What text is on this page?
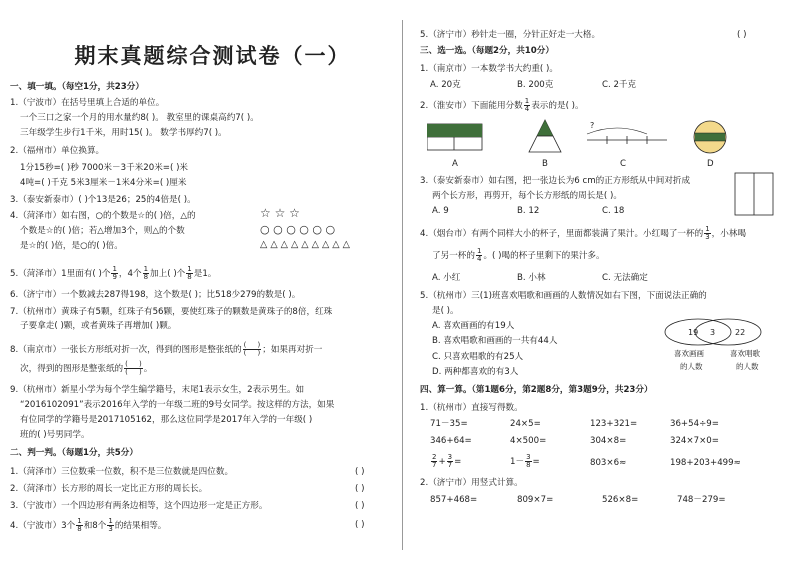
期末真题综合测试卷（一）
一、填一填。（每空1分，共23分）
1.（宁波市）在括号里填上合适的单位。
一个三口之家一个月的用水量约8( )。 教室里的课桌高约7( )。
三年级学生步行1千米，用时15( )。 数学书厚约7( )。
2.（福州市）单位换算。
1分15秒=( )秒 7000米－3千米20米=( )米
4吨=( )千克 5米3厘米－1米4分米=( )厘米
3.（泰安新泰市）( )个13是26；25的4倍是( )。
4.（菏泽市）如右图，○的个数是☆的( )倍，△的
个数是☆的( )倍；若△增加3个，则△的个数
是☆的( )倍，是○的( )倍。
☆ ☆ ☆
○ ○ ○ ○ ○ ○
△ △ △ △ △ △ △ △ △
5.（菏泽市）1里面有( )个 $\frac{1}{9}$ ，4个 $\frac{1}{8}$ 加上( )个 $\frac{1}{8}$ 是1。
6.（济宁市）一个数减去287得198，这个数是( )；比518少279的数是( )。
7.（杭州市）黄珠子有5颗，红珠子有56颗，要使红珠子的颗数是黄珠子的8倍，红珠
子要拿走( )颗，或者黄珠子再增加( )颗。
8.（南京市）一张长方形纸对折一次，得到的图形是整张纸的 $\frac{( )}{( )}$ ；如果再对折一
次，得到的图形是整张纸的 $\frac{( )}{( )}$ 。
9.（杭州市）新星小学为每个学生编学籍号，末尾1表示女生，2表示男生。如
“2016102091”表示2016年入学的一年级二班的9号女同学。按这样的方法，如果
有位同学的学籍号是2017105162，那么这位同学是2017年入学的一年级( )
班的( )号男同学。
二、判一判。（每题1分，共5分）
1.（菏泽市）三位数乘一位数，积不是三位数就是四位数。	( )
2.（菏泽市）长方形的周长一定比正方形的周长长。	( )
3.（宁波市）一个四边形有两条边相等，这个四边形一定是正方形。	( )
4.（宁波市）3个 $\frac{1}{8}$ 和8个 $\frac{1}{3}$ 的结果相等。	( )
5.（济宁市）秒针走一圈，分针正好走一大格。	( )
三、选一选。（每题2分，共10分）
1.（南京市）一本数学书大约重( )。
A. 20克	B. 200克	C. 2千克
2.（淮安市）下面能用分数 $\frac{1}{4}$ 表示的是( )。
?
A	B	C	D
3.（泰安新泰市）如右图，把一张边长为6 cm的正方形纸从中间对折成
两个长方形，再剪开，每个长方形纸的周长是( )。
A. 9	B. 12	C. 18
4.（烟台市）有两个同样大小的杯子，里面都装满了果汁。小红喝了一杯的 $\frac{1}{3}$ ，小林喝
了另一杯的 $\frac{1}{4}$ 。( )喝的杯子里剩下的果汁多。
A. 小红	B. 小林	C. 无法确定
5.（杭州市）三(1)班喜欢唱歌和画画的人数情况如右下图，下面说法正确的
是( )。
A. 喜欢画画的有19人
B. 喜欢唱歌和画画的一共有44人
C. 只喜欢唱歌的有25人
D. 两种都喜欢的有3人
19 3 22
喜欢画画
的人数
喜欢唱歌
的人数
四、算一算。（第1题6分，第2题8分，第3题9分，共23分）
1.（杭州市）直接写得数。
71－35=	24×5=	123+321=	36+54÷9=
346+64=	4×500=	304×8=	324×7×0=
$\frac{2}{7} + \frac{3}{7}$ =	$1- \frac{3}{8}$ =	803×6≈	198+203+499≈
2.（济宁市）用竖式计算。
857+468=	809×7=	526×8=	748－279=
